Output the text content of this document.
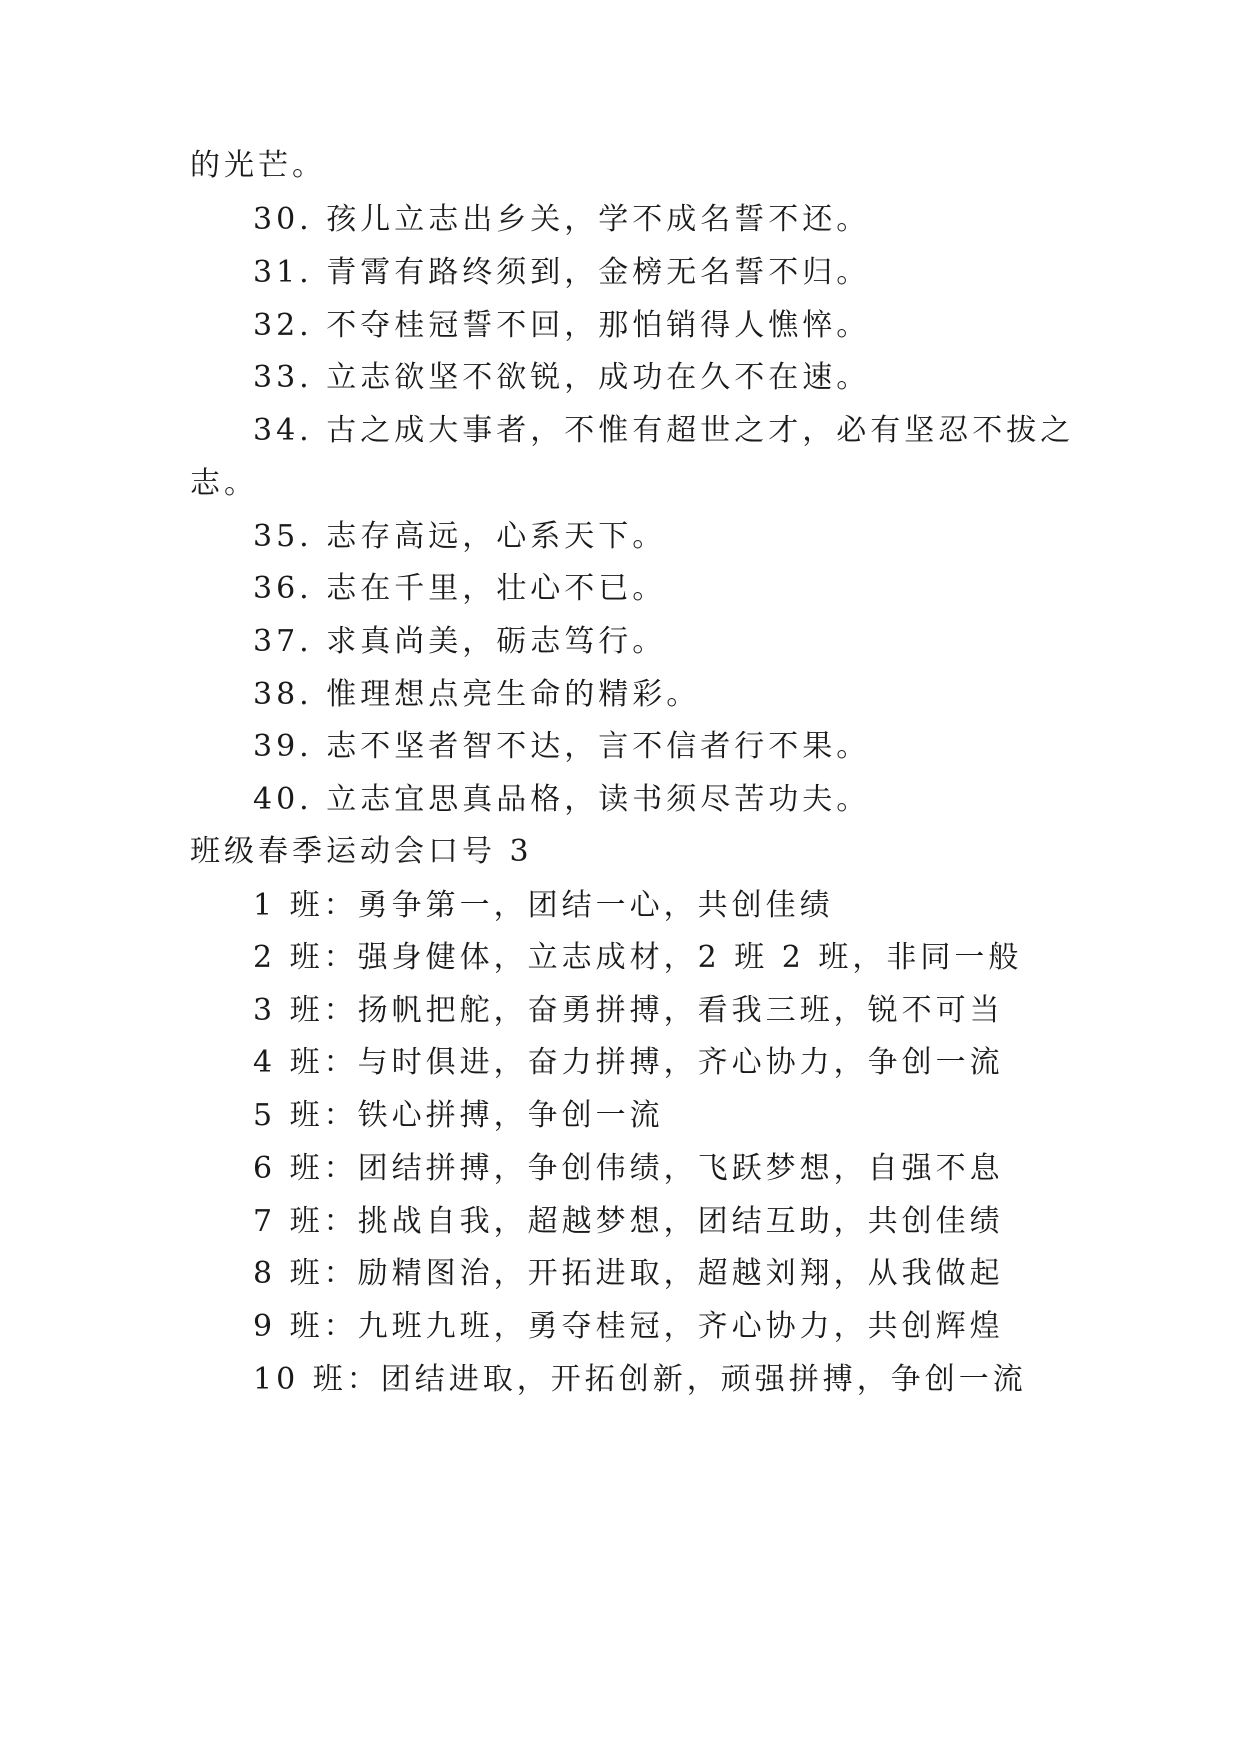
的光芒。
30. 孩儿立志出乡关，学不成名誓不还。
31. 青霄有路终须到，金榜无名誓不归。
32. 不夺桂冠誓不回，那怕销得人憔悴。
33. 立志欲坚不欲锐，成功在久不在速。
34. 古之成大事者，不惟有超世之才，必有坚忍不拔之
志。
35. 志存高远，心系天下。
36. 志在千里，壮心不已。
37. 求真尚美，砺志笃行。
38. 惟理想点亮生命的精彩。
39. 志不坚者智不达，言不信者行不果。
40. 立志宜思真品格，读书须尽苦功夫。
班级春季运动会口号 3
1 班：勇争第一，团结一心，共创佳绩
2 班：强身健体，立志成材，2 班 2 班，非同一般
3 班：扬帆把舵，奋勇拼搏，看我三班，锐不可当
4 班：与时俱进，奋力拼搏，齐心协力，争创一流
5 班：铁心拼搏，争创一流
6 班：团结拼搏，争创伟绩，飞跃梦想，自强不息
7 班：挑战自我，超越梦想，团结互助，共创佳绩
8 班：励精图治，开拓进取，超越刘翔，从我做起
9 班：九班九班，勇夺桂冠，齐心协力，共创辉煌
10 班：团结进取，开拓创新，顽强拼搏，争创一流
